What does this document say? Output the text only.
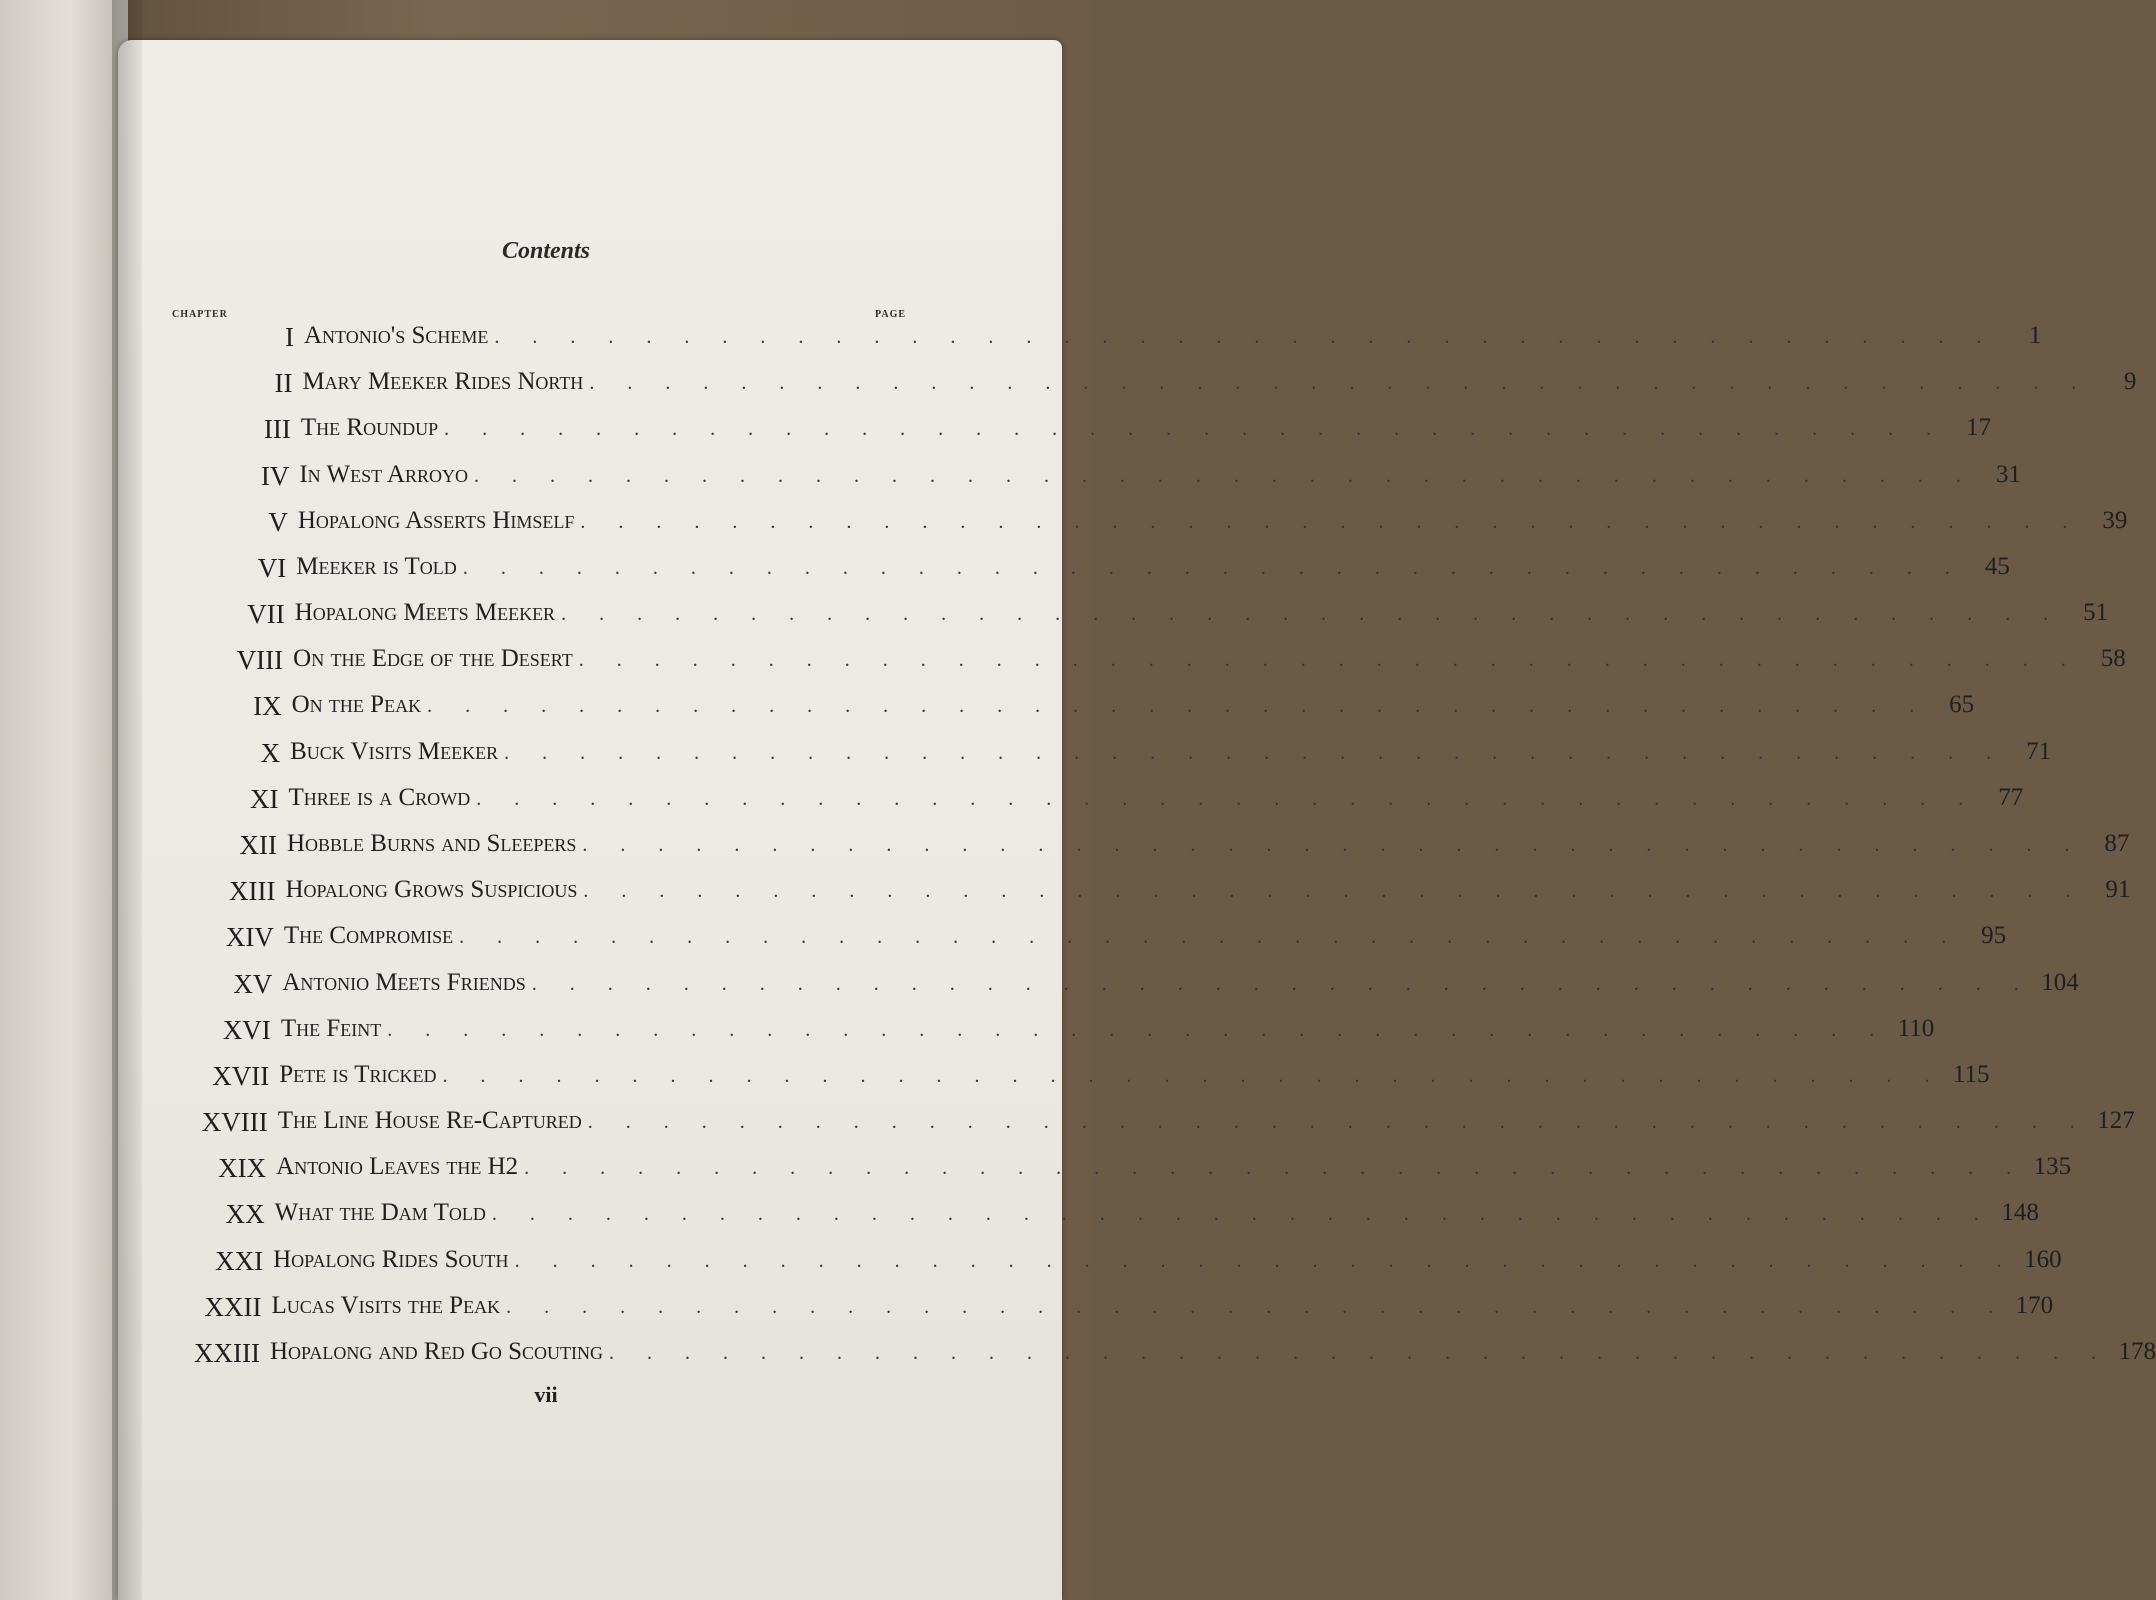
Contents
CHAPTER	PAGE
I Antonio's Scheme . . . . . . . . . . . . . . . . . . . . . . . . . . . . . . . . . . . . . . . .	1
II Mary Meeker Rides North . . . . . . . . . . . . . . . . . . . . . . . . . . . . . . . . . . . . . . . .	9
III The Roundup . . . . . . . . . . . . . . . . . . . . . . . . . . . . . . . . . . . . . . . . 17
IV In West Arroyo . . . . . . . . . . . . . . . . . . . . . . . . . . . . . . . . . . . . . . . . 31
V Hopalong Asserts Himself . . . . . . . . . . . . . . . . . . . . . . . . . . . . . . . . . . . . . . . . 39
VI Meeker is Told . . . . . . . . . . . . . . . . . . . . . . . . . . . . . . . . . . . . . . . . 45
VII Hopalong Meets Meeker . . . . . . . . . . . . . . . . . . . . . . . . . . . . . . . . . . . . . . . . 51
VIII On the Edge of the Desert . . . . . . . . . . . . . . . . . . . . . . . . . . . . . . . . . . . . . . . . 58
IX On the Peak . . . . . . . . . . . . . . . . . . . . . . . . . . . . . . . . . . . . . . . . 65
X Buck Visits Meeker . . . . . . . . . . . . . . . . . . . . . . . . . . . . . . . . . . . . . . . . 71
XI Three is a Crowd . . . . . . . . . . . . . . . . . . . . . . . . . . . . . . . . . . . . . . . . 77
XII Hobble Burns and Sleepers . . . . . . . . . . . . . . . . . . . . . . . . . . . . . . . . . . . . . . . . 87
XIII Hopalong Grows Suspicious . . . . . . . . . . . . . . . . . . . . . . . . . . . . . . . . . . . . . . . . 91
XIV The Compromise . . . . . . . . . . . . . . . . . . . . . . . . . . . . . . . . . . . . . . . . 95
XV Antonio Meets Friends . . . . . . . . . . . . . . . . . . . . . . . . . . . . . . . . . . . . . . . . 104
XVI The Feint . . . . . . . . . . . . . . . . . . . . . . . . . . . . . . . . . . . . . . . . 110
XVII Pete is Tricked . . . . . . . . . . . . . . . . . . . . . . . . . . . . . . . . . . . . . . . . 115
XVIII The Line House Re-Captured . . . . . . . . . . . . . . . . . . . . . . . . . . . . . . . . . . . . . . . . 127
XIX Antonio Leaves the H2 . . . . . . . . . . . . . . . . . . . . . . . . . . . . . . . . . . . . . . . . 135
XX What the Dam Told . . . . . . . . . . . . . . . . . . . . . . . . . . . . . . . . . . . . . . . . 148
XXI Hopalong Rides South . . . . . . . . . . . . . . . . . . . . . . . . . . . . . . . . . . . . . . . . 160
XXII Lucas Visits the Peak . . . . . . . . . . . . . . . . . . . . . . . . . . . . . . . . . . . . . . . . 170
XXIII Hopalong and Red Go Scouting . . . . . . . . . . . . . . . . . . . . . . . . . . . . . . . . . . . . . . . . 178
vii
